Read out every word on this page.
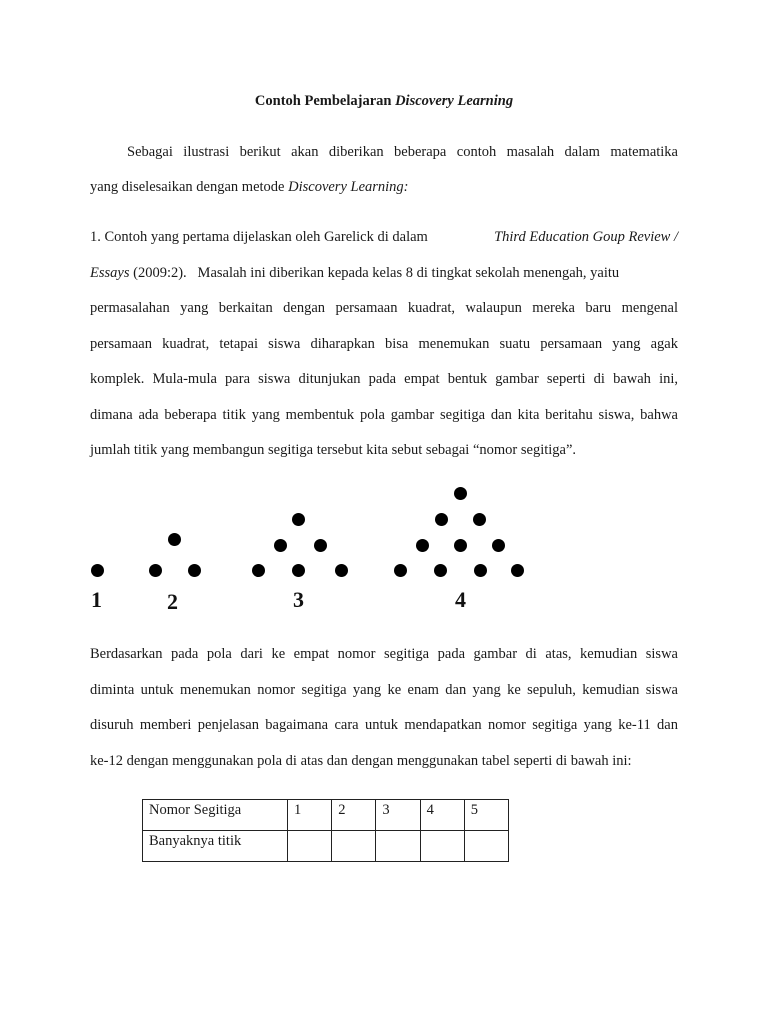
Contoh Pembelajaran Discovery Learning
Sebagai ilustrasi berikut akan diberikan beberapa contoh masalah dalam matematika
yang diselesaikan dengan metode Discovery Learning:
1. Contoh yang pertama dijelaskan oleh Garelick di dalam	Third Education Goup Review /
Essays (2009:2).   Masalah ini diberikan kepada kelas 8 di tingkat sekolah menengah, yaitu
permasalahan yang berkaitan dengan persamaan kuadrat, walaupun mereka baru mengenal
persamaan kuadrat, tetapai siswa diharapkan bisa menemukan suatu persamaan yang agak
komplek. Mula-mula para siswa ditunjukan pada empat bentuk gambar seperti di bawah ini,
dimana ada beberapa titik yang membentuk pola gambar segitiga dan kita beritahu siswa, bahwa
jumlah titik yang membangun segitiga tersebut kita sebut sebagai “nomor segitiga”.
1	2	3	4
Berdasarkan pada pola dari ke empat nomor segitiga pada gambar di atas, kemudian siswa
diminta untuk menemukan nomor segitiga yang ke enam dan yang ke sepuluh, kemudian siswa
disuruh memberi penjelasan bagaimana cara untuk mendapatkan nomor segitiga yang ke-11 dan
ke-12 dengan menggunakan pola di atas dan dengan menggunakan tabel seperti di bawah ini:
Nomor Segitiga	1	2	3	4	5
Banyaknya titik					
